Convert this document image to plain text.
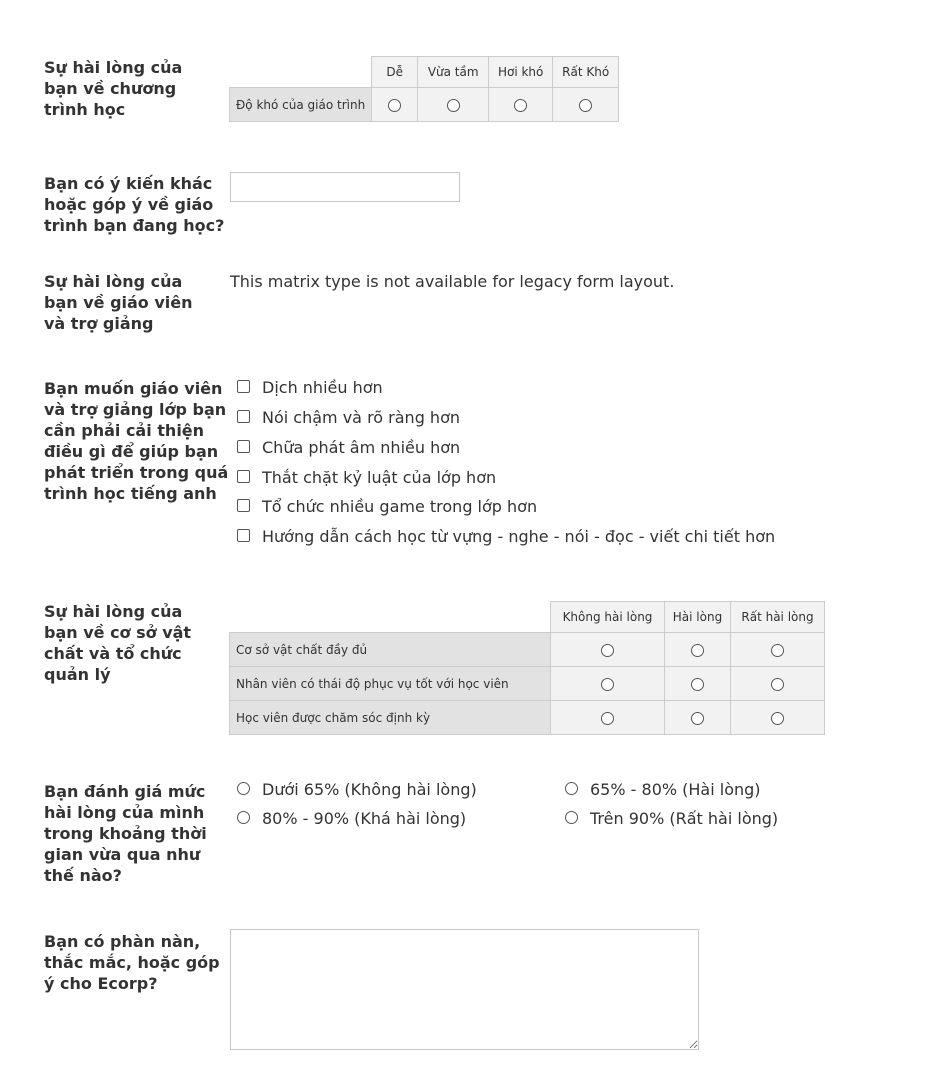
Sự hài lòng của bạn về chương trình học
	Dễ	Vừa tầm	Hơi khó	Rất Khó
Độ khó của giáo trình				
Bạn có ý kiến khác hoặc góp ý về giáo trình bạn đang học?
Sự hài lòng của bạn về giáo viên và trợ giảng
This matrix type is not available for legacy form layout.
Bạn muốn giáo viên và trợ giảng lớp bạn cần phải cải thiện điều gì để giúp bạn phát triển trong quá trình học tiếng anh
Dịch nhiều hơn
Nói chậm và rõ ràng hơn
Chữa phát âm nhiều hơn
Thắt chặt kỷ luật của lớp hơn
Tổ chức nhiều game trong lớp hơn
Hướng dẫn cách học từ vựng - nghe - nói - đọc - viết chi tiết hơn
Sự hài lòng của bạn về cơ sở vật chất và tổ chức quản lý
	Không hài lòng	Hài lòng	Rất hài lòng
Cơ sở vật chất đầy đủ			
Nhân viên có thái độ phục vụ tốt với học viên			
Học viên được chăm sóc định kỳ			
Bạn đánh giá mức hài lòng của mình trong khoảng thời gian vừa qua như thế nào?
Dưới 65% (Không hài lòng)	65% - 80% (Hài lòng)
80% - 90% (Khá hài lòng)	Trên 90% (Rất hài lòng)
Bạn có phàn nàn, thắc mắc, hoặc góp ý cho Ecorp?
